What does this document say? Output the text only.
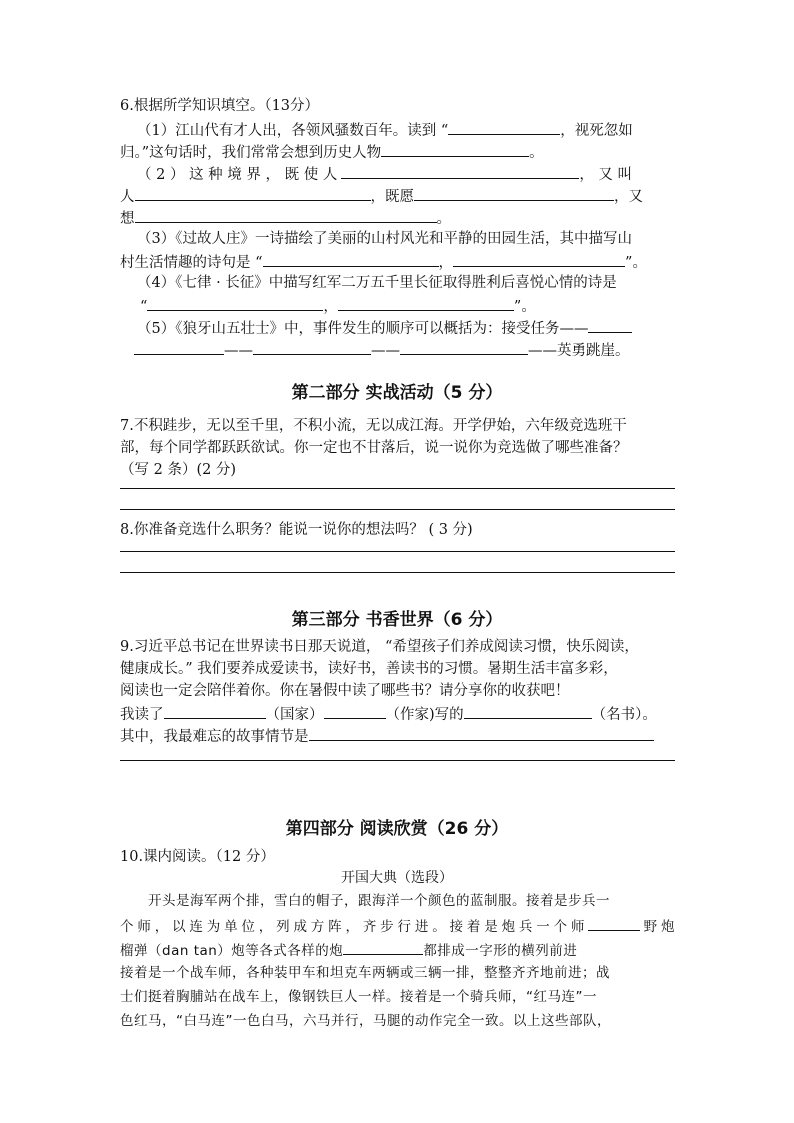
6.根据所学知识填空。（13分）
（1）江山代有才人出，各领风骚数百年。读到 “	，视死忽如
归。”这句话时，我们常常会想到历史人物	。
（ 2 ） 这 种 境 界 ， 既 使 人	， 又 叫
人	，既愿	，又
想	。
（3）《过故人庄》一诗描绘了美丽的山村风光和平静的田园生活，其中描写山
村生活情趣的诗句是 “	，	”。
（4）《七律 · 长征》中描写红军二万五千里长征取得胜利后喜悦心情的诗是
“	，	”。
（5）《狼牙山五壮士》中，事件发生的顺序可以概括为：接受任务——
——	——	——英勇跳崖。
第二部分 实战活动（5 分）
7.不积跬步，无以至千里，不积小流，无以成江海。开学伊始，六年级竞选班干
部，每个同学都跃跃欲试。你一定也不甘落后，说一说你为竞选做了哪些准备？
（写 2 条）(2 分)
8.你准备竞选什么职务？能说一说你的想法吗？ ( 3 分)
第三部分 书香世界（6 分）
9.习近平总书记在世界读书日那天说道， “希望孩子们养成阅读习惯，快乐阅读，
健康成长。” 我们要养成爱读书，读好书，善读书的习惯。暑期生活丰富多彩，
阅读也一定会陪伴着你。你在暑假中读了哪些书？请分享你的收获吧！
我读了	（国家）	（作家)写的	（名书）。
其中，我最难忘的故事情节是
第四部分 阅读欣赏（26 分）
10.课内阅读。（12 分）
开国大典（选段）
开头是海军两个排，雪白的帽子，跟海洋一个颜色的蓝制服。接着是步兵一
个师，以连为单位，列成方阵，齐步行进。接着是炮兵一个师	野炮
榴弹（dan tan）炮等各式各样的炮	都排成一字形的横列前进
接着是一个战车师，各种装甲车和坦克车两辆或三辆一排，整整齐齐地前进；战
士们挺着胸脯站在战车上，像钢铁巨人一样。接着是一个骑兵师，“红马连”一
色红马，“白马连”一色白马，六马并行，马腿的动作完全一致。以上这些部队，
